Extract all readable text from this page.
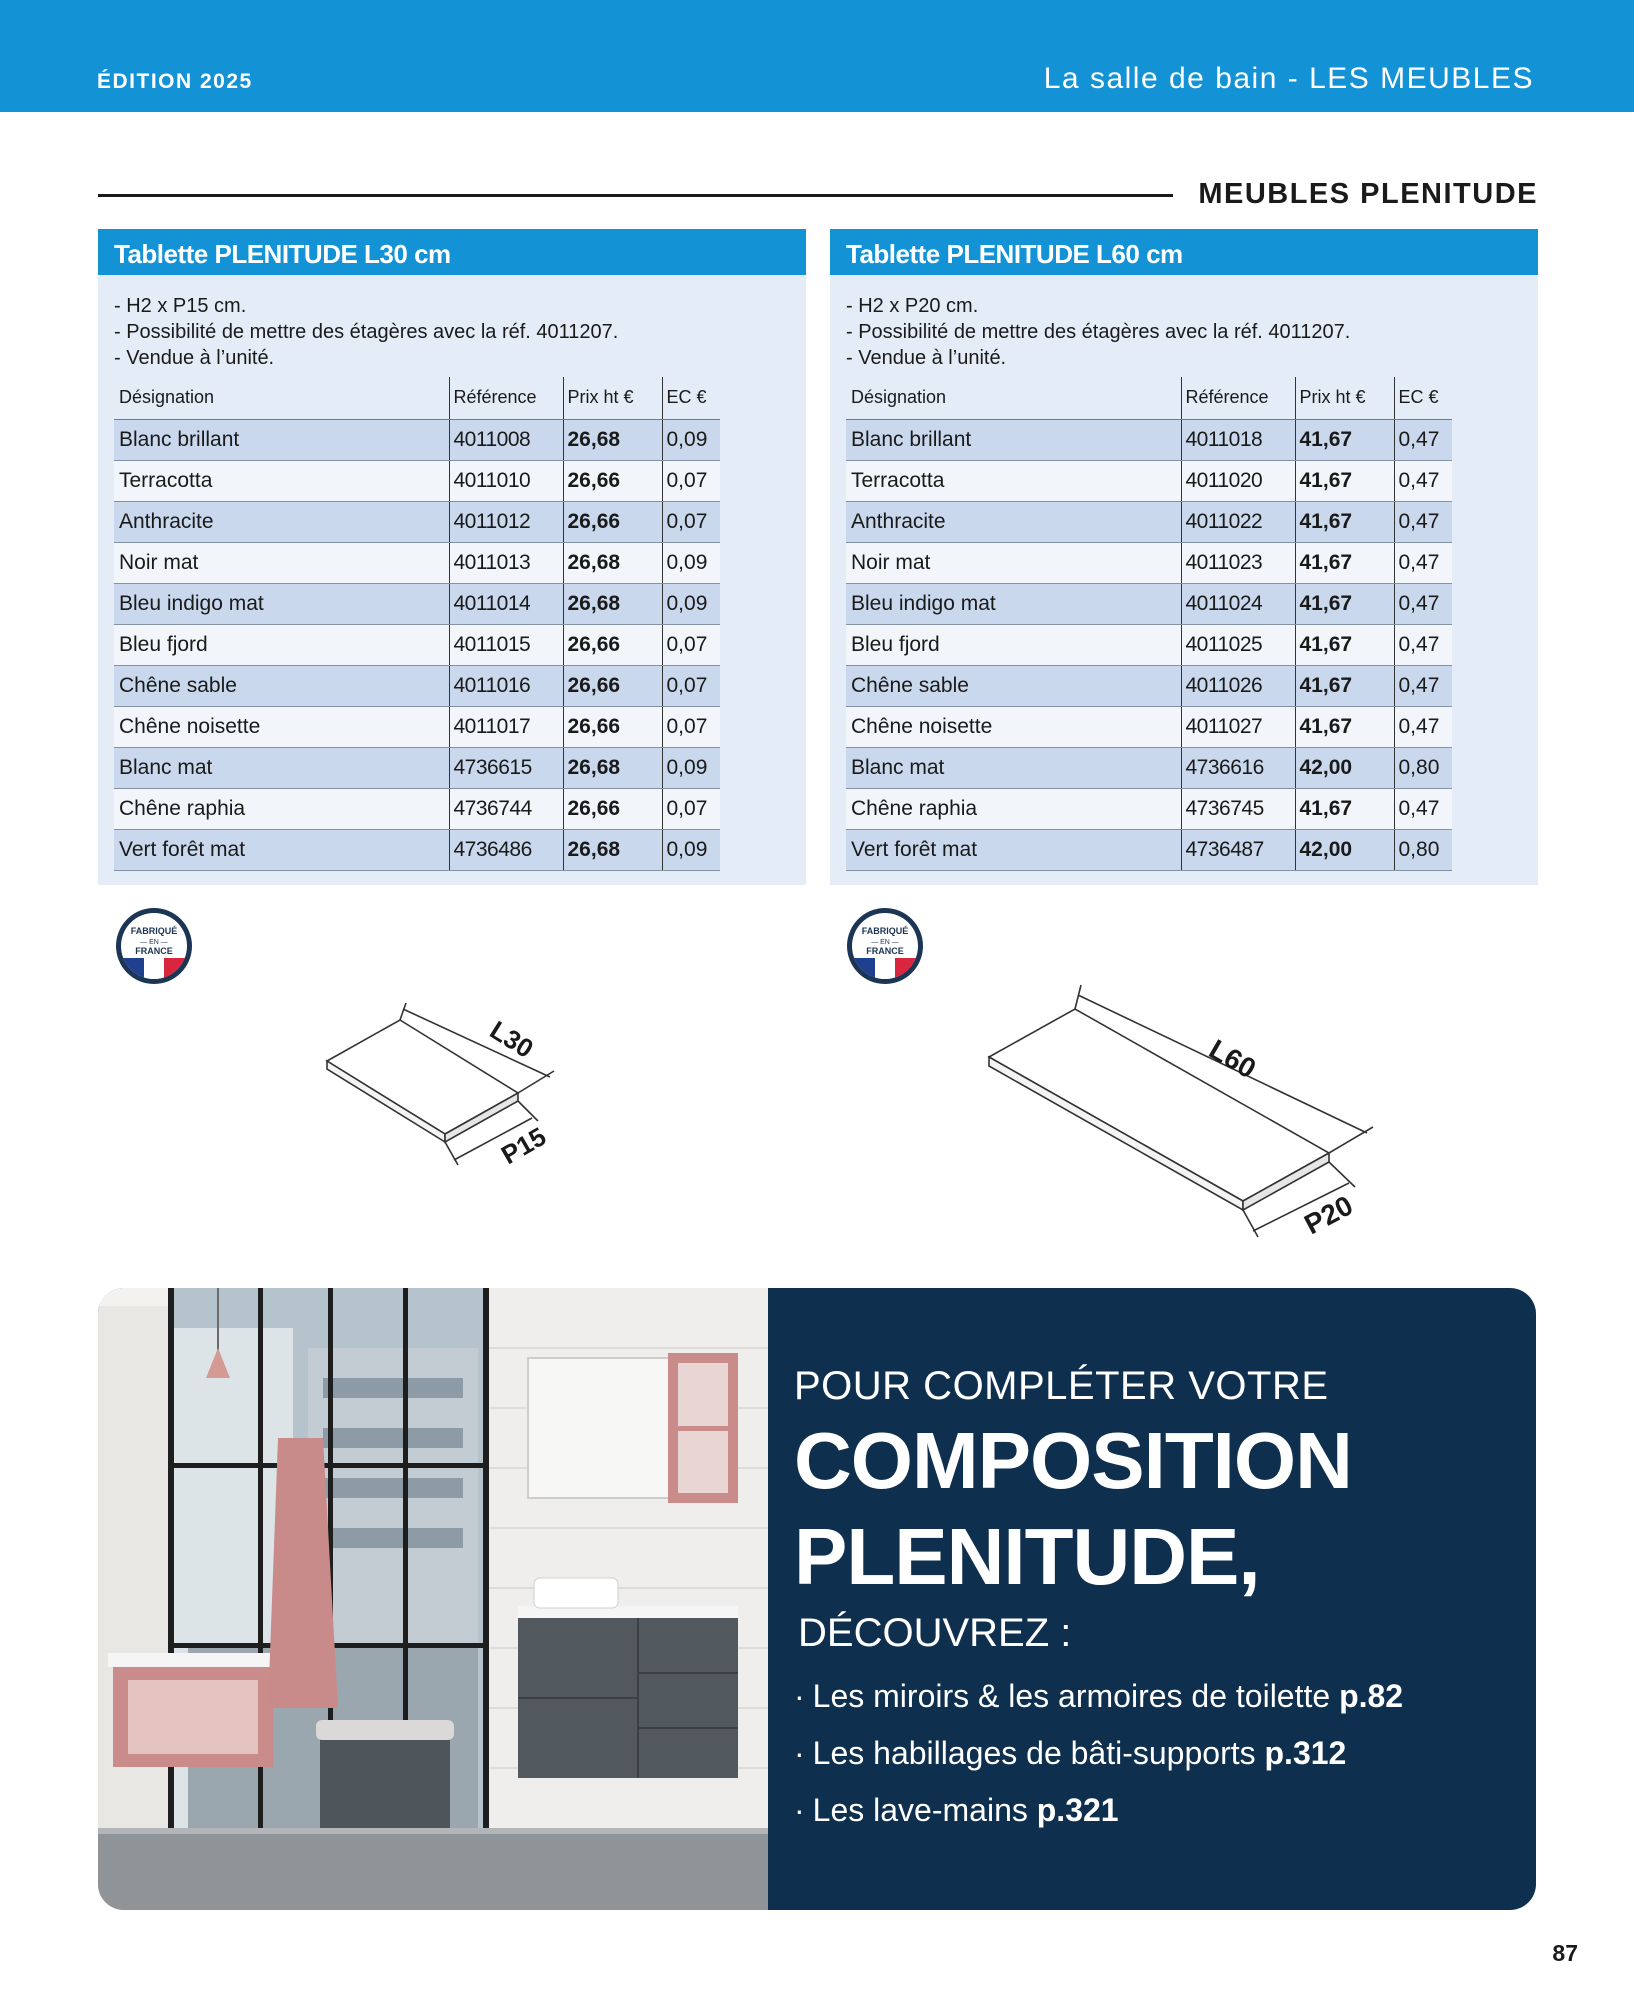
ÉDITION 2025	La salle de bain - LES MEUBLES
MEUBLES PLENITUDE
Tablette PLENITUDE L30 cm
- H2 x P15 cm.
- Possibilité de mettre des étagères avec la réf. 4011207.
- Vendue à l’unité.
Désignation	Référence	Prix ht €	EC €
Blanc brillant	4011008	26,68	0,09
Terracotta	4011010	26,66	0,07
Anthracite	4011012	26,66	0,07
Noir mat	4011013	26,68	0,09
Bleu indigo mat	4011014	26,68	0,09
Bleu fjord	4011015	26,66	0,07
Chêne sable	4011016	26,66	0,07
Chêne noisette	4011017	26,66	0,07
Blanc mat	4736615	26,68	0,09
Chêne raphia	4736744	26,66	0,07
Vert forêt mat	4736486	26,68	0,09
Tablette PLENITUDE L60 cm
- H2 x P20 cm.
- Possibilité de mettre des étagères avec la réf. 4011207.
- Vendue à l’unité.
Désignation	Référence	Prix ht €	EC €
Blanc brillant	4011018	41,67	0,47
Terracotta	4011020	41,67	0,47
Anthracite	4011022	41,67	0,47
Noir mat	4011023	41,67	0,47
Bleu indigo mat	4011024	41,67	0,47
Bleu fjord	4011025	41,67	0,47
Chêne sable	4011026	41,67	0,47
Chêne noisette	4011027	41,67	0,47
Blanc mat	4736616	42,00	0,80
Chêne raphia	4736745	41,67	0,47
Vert forêt mat	4736487	42,00	0,80
FABRIQUÉ
— EN —
FRANCE
FABRIQUÉ
— EN —
FRANCE
L30
P15
L60
P20
POUR COMPLÉTER VOTRE
COMPOSITION
PLENITUDE,
DÉCOUVREZ :
· Les miroirs & les armoires de toilette p.82
· Les habillages de bâti-supports p.312
· Les lave-mains p.321
87
